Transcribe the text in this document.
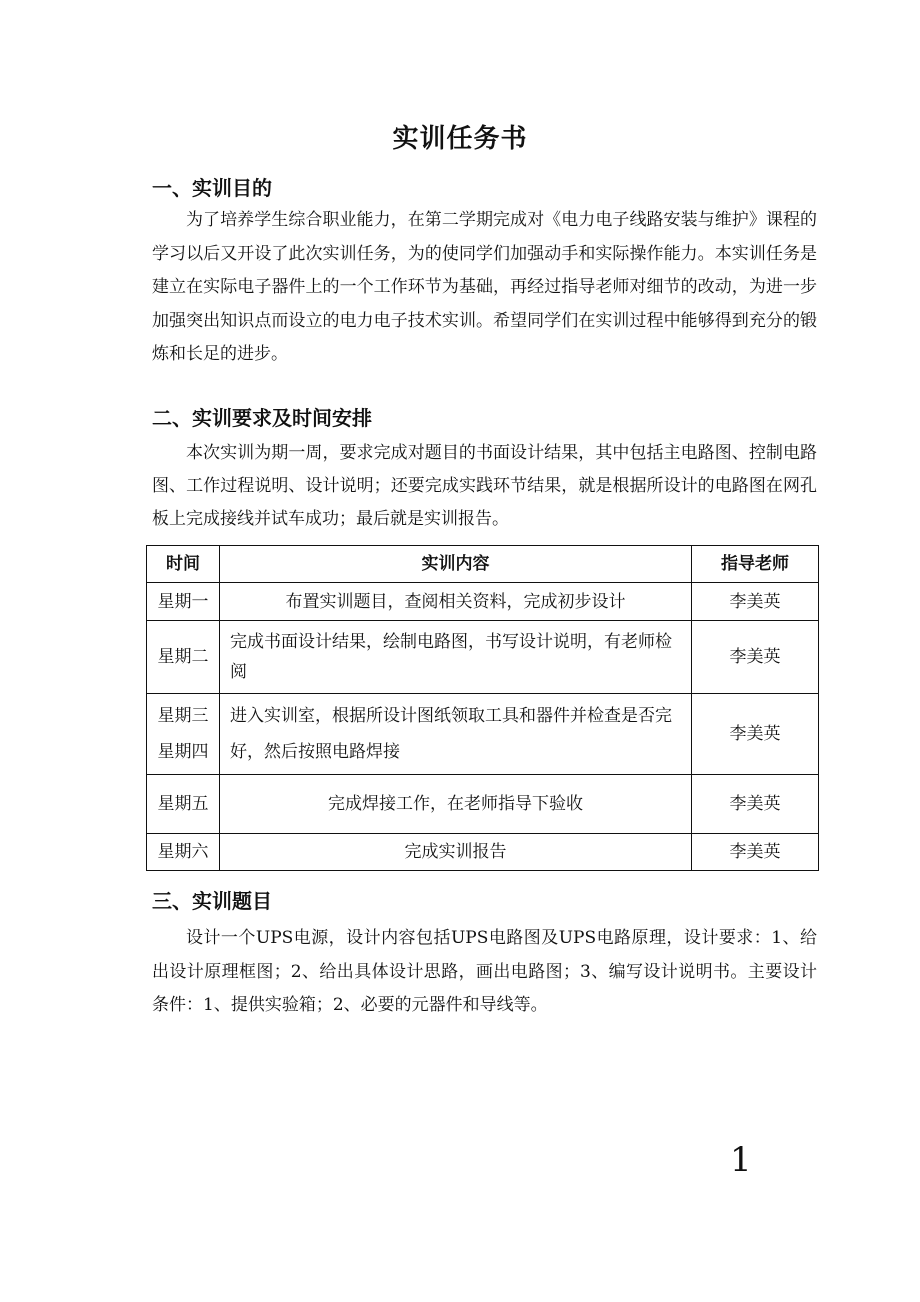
实训任务书
一、实训目的
为了培养学生综合职业能力，在第二学期完成对《电力电子线路安装与维护》课程的学习以后又开设了此次实训任务，为的使同学们加强动手和实际操作能力。本实训任务是建立在实际电子器件上的一个工作环节为基础，再经过指导老师对细节的改动，为进一步加强突出知识点而设立的电力电子技术实训。希望同学们在实训过程中能够得到充分的锻炼和长足的进步。
二、实训要求及时间安排
本次实训为期一周，要求完成对题目的书面设计结果，其中包括主电路图、控制电路图、工作过程说明、设计说明；还要完成实践环节结果，就是根据所设计的电路图在网孔板上完成接线并试车成功；最后就是实训报告。
时间	实训内容	指导老师
星期一	布置实训题目，查阅相关资料，完成初步设计	李美英
星期二	完成书面设计结果，绘制电路图，书写设计说明，有老师检阅	李美英
星期三
星期四	进入实训室，根据所设计图纸领取工具和器件并检查是否完好，然后按照电路焊接	李美英
星期五	完成焊接工作，在老师指导下验收	李美英
星期六	完成实训报告	李美英
三、实训题目
设计一个UPS电源，设计内容包括UPS电路图及UPS电路原理，设计要求：1、给出设计原理框图；2、给出具体设计思路，画出电路图；3、编写设计说明书。主要设计条件：1、提供实验箱；2、必要的元器件和导线等。
1
